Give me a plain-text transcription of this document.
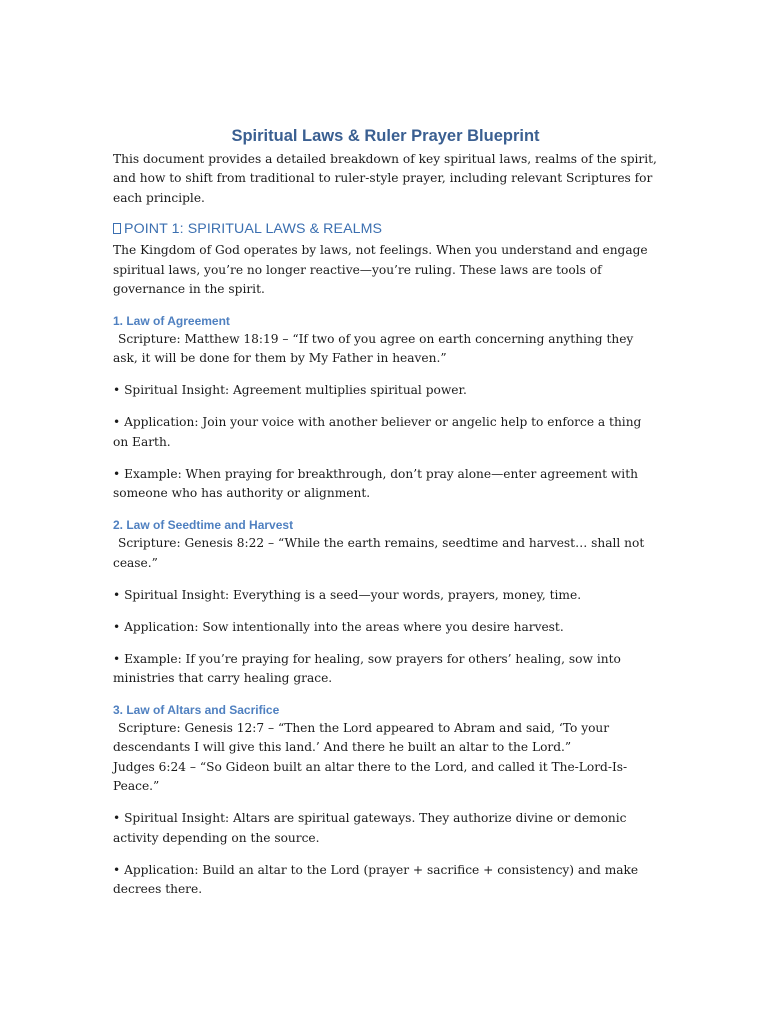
Spiritual Laws & Ruler Prayer Blueprint

This document provides a detailed breakdown of key spiritual laws, realms of the spirit, and how to shift from traditional to ruler-style prayer, including relevant Scriptures for each principle.

POINT 1: SPIRITUAL LAWS & REALMS

The Kingdom of God operates by laws, not feelings. When you understand and engage spiritual laws, you’re no longer reactive—you’re ruling. These laws are tools of governance in the spirit.

1. Law of Agreement

Scripture: Matthew 18:19 – “If two of you agree on earth concerning anything they ask, it will be done for them by My Father in heaven.”

• Spiritual Insight: Agreement multiplies spiritual power.

• Application: Join your voice with another believer or angelic help to enforce a thing on Earth.

• Example: When praying for breakthrough, don’t pray alone—enter agreement with someone who has authority or alignment.

2. Law of Seedtime and Harvest

Scripture: Genesis 8:22 – “While the earth remains, seedtime and harvest… shall not cease.”

• Spiritual Insight: Everything is a seed—your words, prayers, money, time.

• Application: Sow intentionally into the areas where you desire harvest.

• Example: If you’re praying for healing, sow prayers for others’ healing, sow into ministries that carry healing grace.

3. Law of Altars and Sacrifice

Scripture: Genesis 12:7 – “Then the Lord appeared to Abram and said, ‘To your descendants I will give this land.’ And there he built an altar to the Lord.”
Judges 6:24 – “So Gideon built an altar there to the Lord, and called it The-Lord-Is-Peace.”

• Spiritual Insight: Altars are spiritual gateways. They authorize divine or demonic activity depending on the source.

• Application: Build an altar to the Lord (prayer + sacrifice + consistency) and make decrees there.
